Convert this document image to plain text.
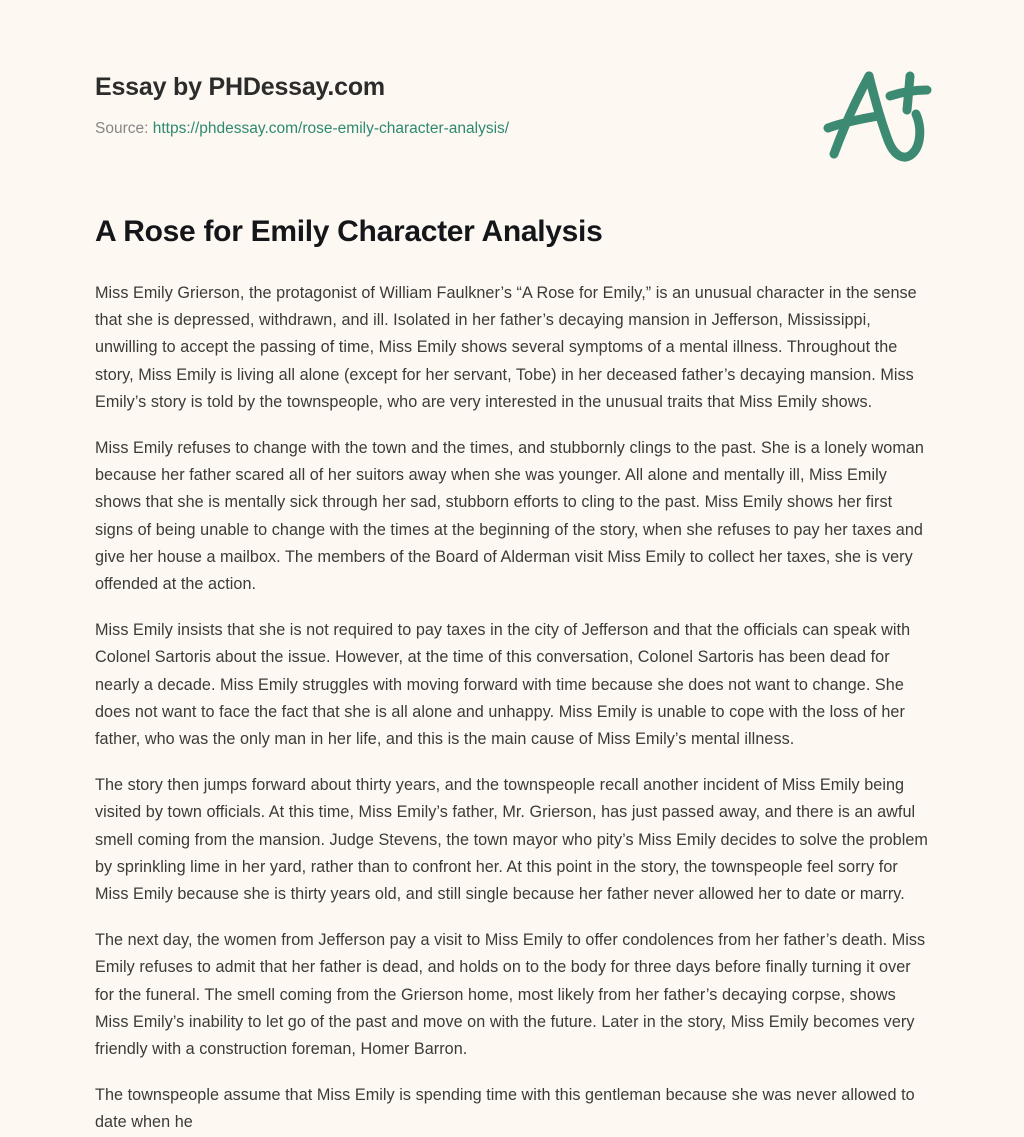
Essay by PHDessay.com
Source: https://phdessay.com/rose-emily-character-analysis/
A Rose for Emily Character Analysis

Miss Emily Grierson, the protagonist of William Faulkner’s “A Rose for Emily,” is an unusual character in the sense that she is depressed, withdrawn, and ill. Isolated in her father’s decaying mansion in Jefferson, Mississippi, unwilling to accept the passing of time, Miss Emily shows several symptoms of a mental illness. Throughout the story, Miss Emily is living all alone (except for her servant, Tobe) in her deceased father’s decaying mansion. Miss Emily’s story is told by the townspeople, who are very interested in the unusual traits that Miss Emily shows.

Miss Emily refuses to change with the town and the times, and stubbornly clings to the past. She is a lonely woman because her father scared all of her suitors away when she was younger. All alone and mentally ill, Miss Emily shows that she is mentally sick through her sad, stubborn efforts to cling to the past. Miss Emily shows her first signs of being unable to change with the times at the beginning of the story, when she refuses to pay her taxes and give her house a mailbox. The members of the Board of Alderman visit Miss Emily to collect her taxes, she is very offended at the action.

Miss Emily insists that she is not required to pay taxes in the city of Jefferson and that the officials can speak with Colonel Sartoris about the issue. However, at the time of this conversation, Colonel Sartoris has been dead for nearly a decade. Miss Emily struggles with moving forward with time because she does not want to change. She does not want to face the fact that she is all alone and unhappy. Miss Emily is unable to cope with the loss of her father, who was the only man in her life, and this is the main cause of Miss Emily’s mental illness.

The story then jumps forward about thirty years, and the townspeople recall another incident of Miss Emily being visited by town officials. At this time, Miss Emily’s father, Mr. Grierson, has just passed away, and there is an awful smell coming from the mansion. Judge Stevens, the town mayor who pity’s Miss Emily decides to solve the problem by sprinkling lime in her yard, rather than to confront her. At this point in the story, the townspeople feel sorry for Miss Emily because she is thirty years old, and still single because her father never allowed her to date or marry.

The next day, the women from Jefferson pay a visit to Miss Emily to offer condolences from her father’s death. Miss Emily refuses to admit that her father is dead, and holds on to the body for three days before finally turning it over for the funeral. The smell coming from the Grierson home, most likely from her father’s decaying corpse, shows Miss Emily’s inability to let go of the past and move on with the future. Later in the story, Miss Emily becomes very friendly with a construction foreman, Homer Barron.

The townspeople assume that Miss Emily is spending time with this gentleman because she was never allowed to date when he
